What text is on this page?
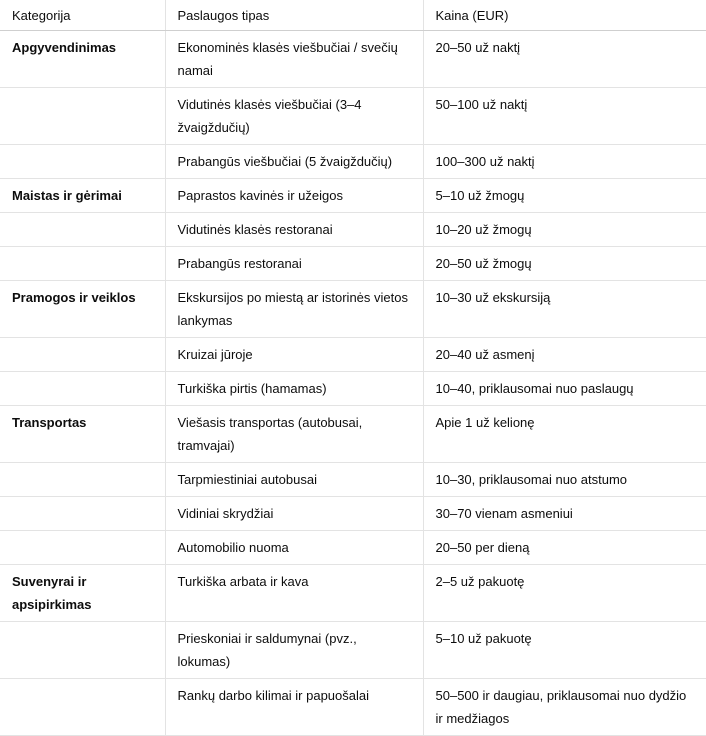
Kategorija	Paslaugos tipas	Kaina (EUR)
Apgyvendinimas	Ekonominės klasės viešbučiai / svečių namai	20–50 už naktį
	Vidutinės klasės viešbučiai (3–4 žvaigždučių)	50–100 už naktį
	Prabangūs viešbučiai (5 žvaigždučių)	100–300 už naktį
Maistas ir gėrimai	Paprastos kavinės ir užeigos	5–10 už žmogų
	Vidutinės klasės restoranai	10–20 už žmogų
	Prabangūs restoranai	20–50 už žmogų
Pramogos ir veiklos	Ekskursijos po miestą ar istorinės vietos lankymas	10–30 už ekskursiją
	Kruizai jūroje	20–40 už asmenį
	Turkiška pirtis (hamamas)	10–40, priklausomai nuo paslaugų
Transportas	Viešasis transportas (autobusai, tramvajai)	Apie 1 už kelionę
	Tarpmiestiniai autobusai	10–30, priklausomai nuo atstumo
	Vidiniai skrydžiai	30–70 vienam asmeniui
	Automobilio nuoma	20–50 per dieną
Suvenyrai ir apsipirkimas	Turkiška arbata ir kava	2–5 už pakuotę
	Prieskoniai ir saldumynai (pvz., lokumas)	5–10 už pakuotę
	Rankų darbo kilimai ir papuošalai	50–500 ir daugiau, priklausomai nuo dydžio ir medžiagos
